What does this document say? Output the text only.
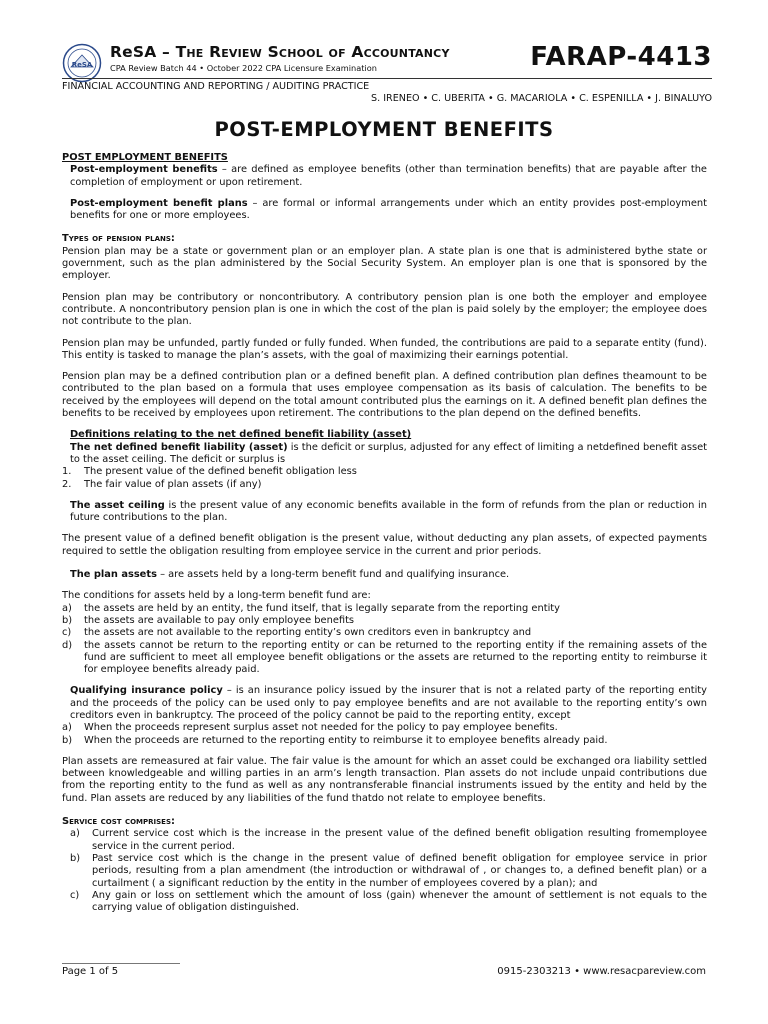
ReSA
ReSA – The Review School of Accountancy
CPA Review Batch 44 • October 2022 CPA Licensure Examination	FARAP-4413
FINANCIAL ACCOUNTING AND REPORTING / AUDITING PRACTICE
S. IRENEO • C. UBERITA • G. MACARIOLA • C. ESPENILLA • J. BINALUYO
POST-EMPLOYMENT BENEFITS

POST EMPLOYMENT BENEFITS

Post-employment benefits – are defined as employee benefits (other than termination benefits) that are payable after the completion of employment or upon retirement.

Post-employment benefit plans – are formal or informal arrangements under which an entity provides post-employment benefits for one or more employees.

Types of pension plans:

Pension plan may be a state or government plan or an employer plan. A state plan is one that is administered bythe state or government, such as the plan administered by the Social Security System. An employer plan is one that is sponsored by the employer.

Pension plan may be contributory or noncontributory. A contributory pension plan is one both the employer and employee contribute. A noncontributory pension plan is one in which the cost of the plan is paid solely by the employer; the employee does not contribute to the plan.

Pension plan may be unfunded, partly funded or fully funded. When funded, the contributions are paid to a separate entity (fund). This entity is tasked to manage the plan’s assets, with the goal of maximizing their earnings potential.

Pension plan may be a defined contribution plan or a defined benefit plan. A defined contribution plan defines theamount to be contributed to the plan based on a formula that uses employee compensation as its basis of calculation. The benefits to be received by the employees will depend on the total amount contributed plus the earnings on it. A defined benefit plan defines the benefits to be received by employees upon retirement. The contributions to the plan depend on the defined benefits.

Definitions relating to the net defined benefit liability (asset)

The net defined benefit liability (asset) is the deficit or surplus, adjusted for any effect of limiting a netdefined benefit asset to the asset ceiling. The deficit or surplus is

1. The present value of the defined benefit obligation less
2. The fair value of plan assets (if any)

The asset ceiling is the present value of any economic benefits available in the form of refunds from the plan or reduction in future contributions to the plan.

The present value of a defined benefit obligation is the present value, without deducting any plan assets, of expected payments required to settle the obligation resulting from employee service in the current and prior periods.

The plan assets – are assets held by a long-term benefit fund and qualifying insurance.

The conditions for assets held by a long-term benefit fund are:

a) the assets are held by an entity, the fund itself, that is legally separate from the reporting entity
b) the assets are available to pay only employee benefits
c) the assets are not available to the reporting entity’s own creditors even in bankruptcy and
d) the assets cannot be return to the reporting entity or can be returned to the reporting entity if the remaining assets of the fund are sufficient to meet all employee benefit obligations or the assets are returned to the reporting entity to reimburse it for employee benefits already paid.

Qualifying insurance policy – is an insurance policy issued by the insurer that is not a related party of the reporting entity and the proceeds of the policy can be used only to pay employee benefits and are not available to the reporting entity’s own creditors even in bankruptcy. The proceed of the policy cannot be paid to the reporting entity, except

a) When the proceeds represent surplus asset not needed for the policy to pay employee benefits.
b) When the proceeds are returned to the reporting entity to reimburse it to employee benefits already paid.

Plan assets are remeasured at fair value. The fair value is the amount for which an asset could be exchanged ora liability settled between knowledgeable and willing parties in an arm’s length transaction. Plan assets do not include unpaid contributions due from the reporting entity to the fund as well as any nontransferable financial instruments issued by the entity and held by the fund. Plan assets are reduced by any liabilities of the fund thatdo not relate to employee benefits.

Service cost comprises:

a) Current service cost which is the increase in the present value of the defined benefit obligation resulting fromemployee service in the current period.
b) Past service cost which is the change in the present value of defined benefit obligation for employee service in prior periods, resulting from a plan amendment (the introduction or withdrawal of , or changes to, a defined benefit plan) or a curtailment ( a significant reduction by the entity in the number of employees covered by a plan); and
c) Any gain or loss on settlement which the amount of loss (gain) whenever the amount of settlement is not equals to the carrying value of obligation distinguished.
Page 1 of 5	0915-2303213 • www.resacpareview.com
